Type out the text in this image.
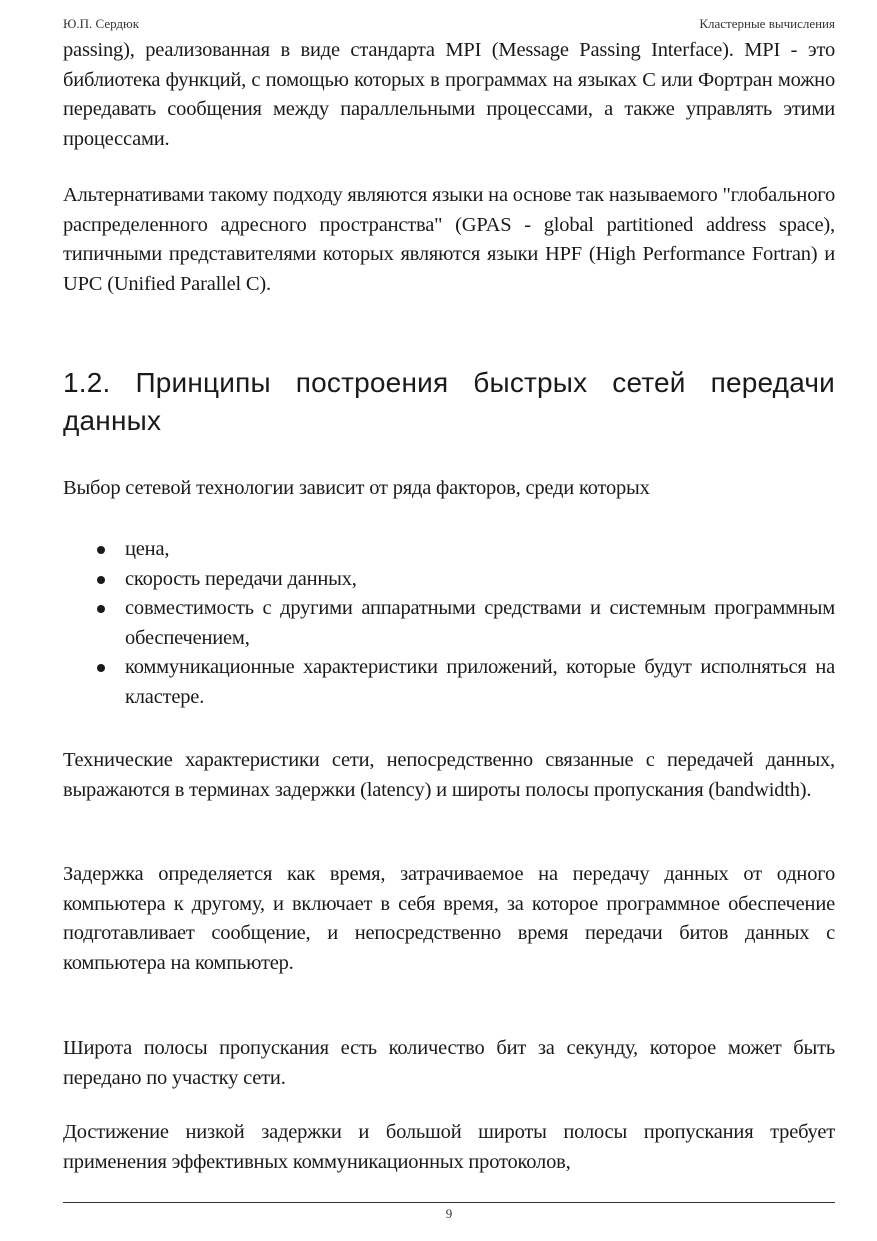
Ю.П. Сердюк	Кластерные вычисления

passing), реализованная в виде стандарта MPI (Message Passing Interface). MPI - это библиотека функций, с помощью которых в программах на языках C или Фортран можно передавать сообщения между параллельными процессами, а также управлять этими процессами.

Альтернативами такому подходу являются языки на основе так называемого "глобального распределенного адресного пространства" (GPAS - global partitioned address space), типичными представителями которых являются языки HPF (High Performance Fortran) и UPC (Unified Parallel C).

1.2. Принципы построения быстрых сетей передачи данных

Выбор сетевой технологии зависит от ряда факторов, среди которых

цена,
скорость передачи данных,
совместимость с другими аппаратными средствами и системным программным обеспечением,
коммуникационные характеристики приложений, которые будут исполняться на кластере.

Технические характеристики сети, непосредственно связанные с передачей данных, выражаются в терминах задержки (latency) и широты полосы пропускания (bandwidth).

Задержка определяется как время, затрачиваемое на передачу данных от одного компьютера к другому, и включает в себя время, за которое программное обеспечение подготавливает сообщение, и непосредственно время передачи битов данных с компьютера на компьютер.

Широта полосы пропускания есть количество бит за секунду, которое может быть передано по участку сети.

Достижение низкой задержки и большой широты полосы пропускания требует применения эффективных коммуникационных протоколов,

9
